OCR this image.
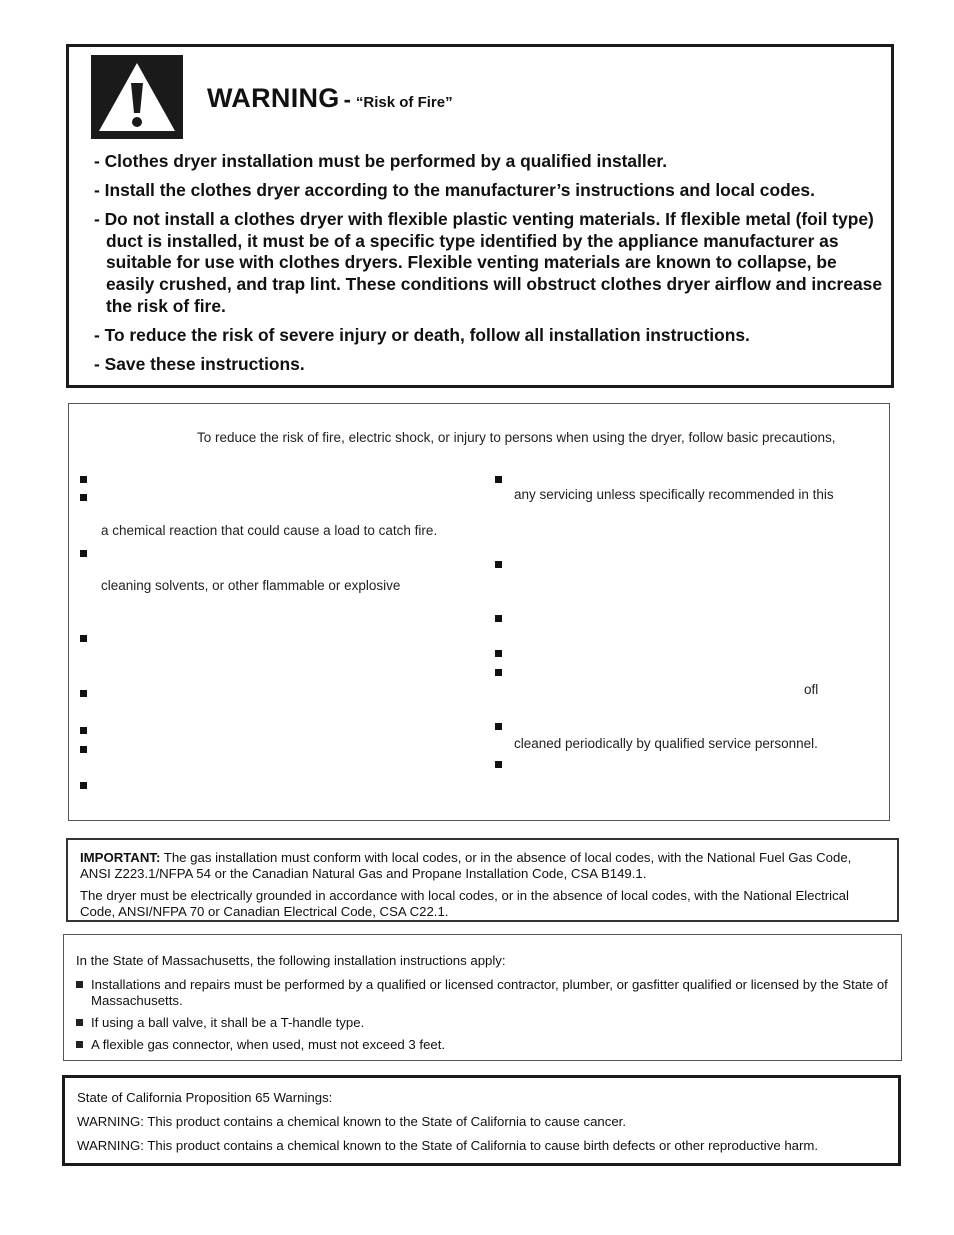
WARNING - “Risk of Fire”
- Clothes dryer installation must be performed by a qualified installer.
- Install the clothes dryer according to the manufacturer’s instructions and local codes.
- Do not install a clothes dryer with flexible plastic venting materials. If flexible metal (foil type) duct is installed, it must be of a specific type identified by the appliance manufacturer as suitable for use with clothes dryers. Flexible venting materials are known to collapse, be easily crushed, and trap lint. These conditions will obstruct clothes dryer airflow and increase the risk of fire.
- To reduce the risk of severe injury or death, follow all installation instructions.
- Save these instructions.
To reduce the risk of fire, electric shock, or injury to persons when using the dryer, follow basic precautions,
a chemical reaction that could cause a load to catch fire.
cleaning solvents, or other flammable or explosive
any servicing unless specifically recommended in this
ofl
cleaned periodically by qualified service personnel.

IMPORTANT: The gas installation must conform with local codes, or in the absence of local codes, with the National Fuel Gas Code, ANSI Z223.1/NFPA 54 or the Canadian Natural Gas and Propane Installation Code, CSA B149.1.

The dryer must be electrically grounded in accordance with local codes, or in the absence of local codes, with the National Electrical Code, ANSI/NFPA 70 or Canadian Electrical Code, CSA C22.1.

In the State of Massachusetts, the following installation instructions apply:

Installations and repairs must be performed by a qualified or licensed contractor, plumber, or gasfitter qualified or licensed by the State of Massachusetts.
If using a ball valve, it shall be a T-handle type.
A flexible gas connector, when used, must not exceed 3 feet.

State of California Proposition 65 Warnings:

WARNING: This product contains a chemical known to the State of California to cause cancer.

WARNING: This product contains a chemical known to the State of California to cause birth defects or other reproductive harm.
